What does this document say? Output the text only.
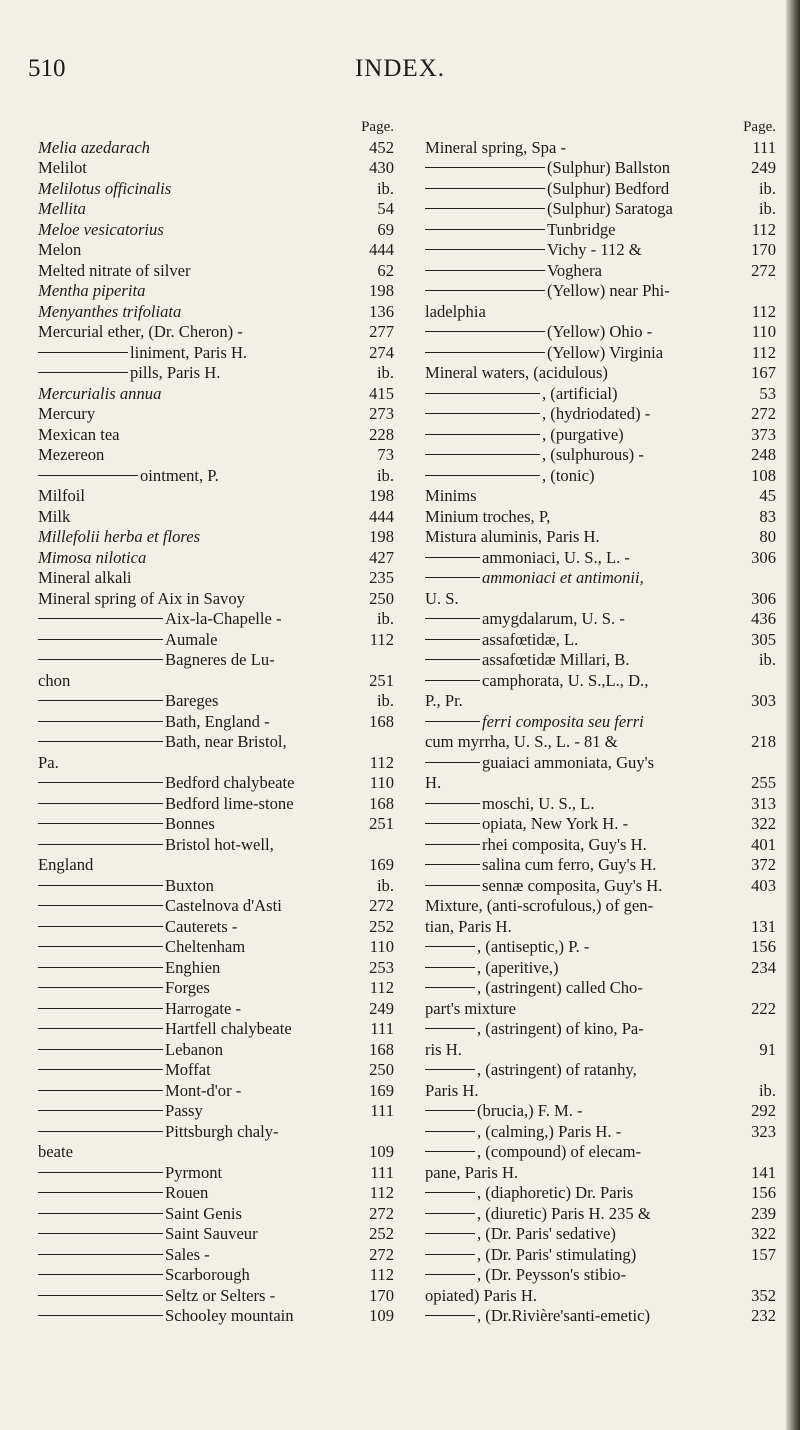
510	INDEX.
Page.
Melia azedarach	452
Melilot	430
Melilotus officinalis	ib.
Mellita	54
Meloe vesicatorius	69
Melon	444
Melted nitrate of silver	62
Mentha piperita	198
Menyanthes trifoliata	136
Mercurial ether, (Dr. Cheron) -	277
liniment, Paris H.	274
pills, Paris H.	ib.
Mercurialis annua	415
Mercury	273
Mexican tea	228
Mezereon	73
ointment, P.	ib.
Milfoil	198
Milk	444
Millefolii herba et flores	198
Mimosa nilotica	427
Mineral alkali	235
Mineral spring of Aix in Savoy	250
Aix-la-Chapelle -	ib.
Aumale	112
Bagneres de Lu-
chon	251
Bareges	ib.
Bath, England -	168
Bath, near Bristol,
Pa.	112
Bedford chalybeate	110
Bedford lime-stone	168
Bonnes	251
Bristol hot-well,
England	169
Buxton	ib.
Castelnova d'Asti	272
Cauterets -	252
Cheltenham	110
Enghien	253
Forges	112
Harrogate -	249
Hartfell chalybeate	111
Lebanon	168
Moffat	250
Mont-d'or -	169
Passy	111
Pittsburgh chaly-
beate	109
Pyrmont	111
Rouen	112
Saint Genis	272
Saint Sauveur	252
Sales -	272
Scarborough	112
Seltz or Selters -	170
Schooley mountain	109
Page.
Mineral spring, Spa -	111
(Sulphur) Ballston	249
(Sulphur) Bedford	ib.
(Sulphur) Saratoga	ib.
Tunbridge	112
Vichy - 112 &	170
Voghera	272
(Yellow) near Phi-
ladelphia	112
(Yellow) Ohio -	110
(Yellow) Virginia	112
Mineral waters, (acidulous)	167
, (artificial)	53
, (hydriodated) -	272
, (purgative)	373
, (sulphurous) -	248
, (tonic)	108
Minims	45
Minium troches, P,	83
Mistura aluminis, Paris H.	80
ammoniaci, U. S., L. -	306
ammoniaci et antimonii,
U. S.	306
amygdalarum, U. S. -	436
assafœtidæ, L.	305
assafœtidæ Millari, B.	ib.
camphorata, U. S.,L., D.,
P., Pr.	303
ferri composita seu ferri
cum myrrha, U. S., L. - 81 &	218
guaiaci ammoniata, Guy's
H.	255
moschi, U. S., L.	313
opiata, New York H. -	322
rhei composita, Guy's H.	401
salina cum ferro, Guy's H.	372
sennæ composita, Guy's H.	403
Mixture, (anti-scrofulous,) of gen-
tian, Paris H.	131
, (antiseptic,) P. -	156
, (aperitive,)	234
, (astringent) called Cho-
part's mixture	222
, (astringent) of kino, Pa-
ris H.	91
, (astringent) of ratanhy,
Paris H.	ib.
(brucia,) F. M. -	292
, (calming,) Paris H. -	323
, (compound) of elecam-
pane, Paris H.	141
, (diaphoretic) Dr. Paris	156
, (diuretic) Paris H. 235 &	239
, (Dr. Paris' sedative)	322
, (Dr. Paris' stimulating)	157
, (Dr. Peysson's stibio-
opiated) Paris H.	352
, (Dr.Rivière'santi-emetic)	232
